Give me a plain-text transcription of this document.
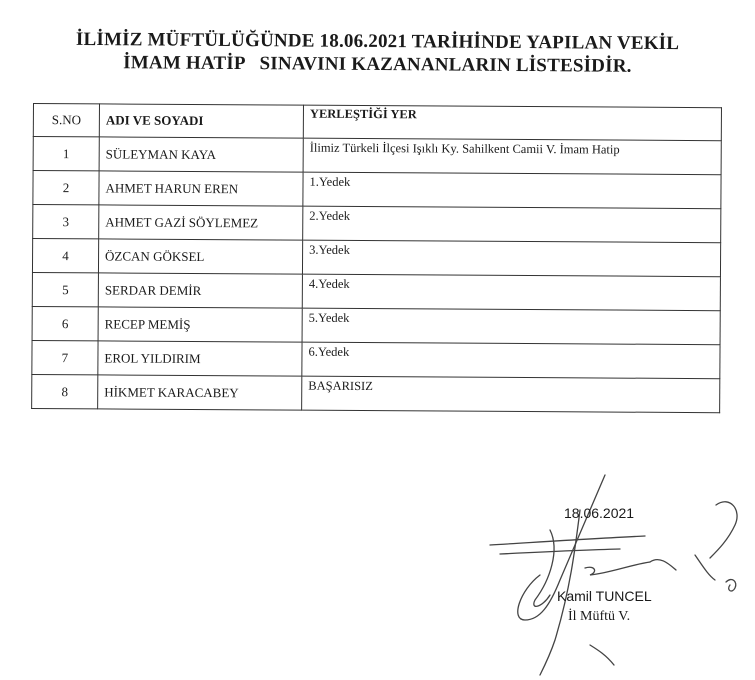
İLİMİZ MÜFTÜLÜĞÜNDE 18.06.2021 TARİHİNDE YAPILAN VEKİL
İMAM HATİP   SINAVINI KAZANANLARIN LİSTESİDİR.
S.NO	ADI VE SOYADI	YERLEŞTİĞİ YER
1	SÜLEYMAN KAYA	İlimiz Türkeli İlçesi Işıklı Ky. Sahilkent Camii V. İmam Hatip
2	AHMET HARUN EREN	1.Yedek
3	AHMET GAZİ SÖYLEMEZ	2.Yedek
4	ÖZCAN GÖKSEL	3.Yedek
5	SERDAR DEMİR	4.Yedek
6	RECEP MEMİŞ	5.Yedek
7	EROL YILDIRIM	6.Yedek
8	HİKMET KARACABEY	BAŞARISIZ
18.06.2021
Kamil TUNCEL
İl Müftü V.
